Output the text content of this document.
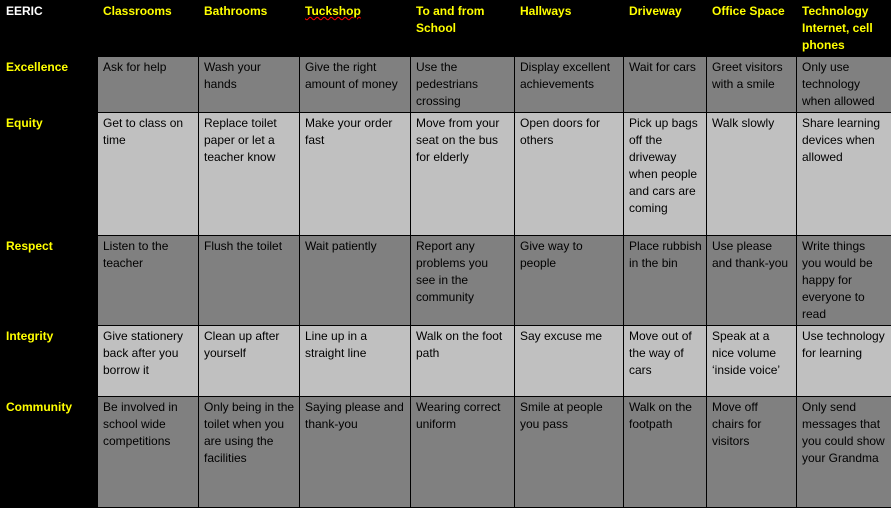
EERIC	Classrooms	Bathrooms	Tuckshop	To and from School	Hallways	Driveway	Office Space	Technology Internet, cell phones
Excellence	Ask for help	Wash your hands	Give the right amount of money	Use the pedestrians crossing	Display excellent achievements	Wait for cars	Greet visitors with a smile	Only use technology when allowed
Equity	Get to class on time	Replace toilet paper or let a teacher know	Make your order fast	Move from your seat on the bus for elderly	Open doors for others	Pick up bags off the driveway when people and cars are coming	Walk slowly	Share learning devices when allowed
Respect	Listen to the teacher	Flush the toilet	Wait patiently	Report any problems you see in the community	Give way to people	Place rubbish in the bin	Use please and thank-you	Write things you would be happy for everyone to read
Integrity	Give stationery back after you borrow it	Clean up after yourself	Line up in a straight line	Walk on the foot path	Say excuse me	Move out of the way of cars	Speak at a nice volume ‘inside voice’	Use technology for learning
Community	Be involved in school wide competitions	Only being in the toilet when you are using the facilities	Saying please and thank-you	Wearing correct uniform	Smile at people you pass	Walk on the footpath	Move off chairs for visitors	Only send messages that you could show your Grandma
